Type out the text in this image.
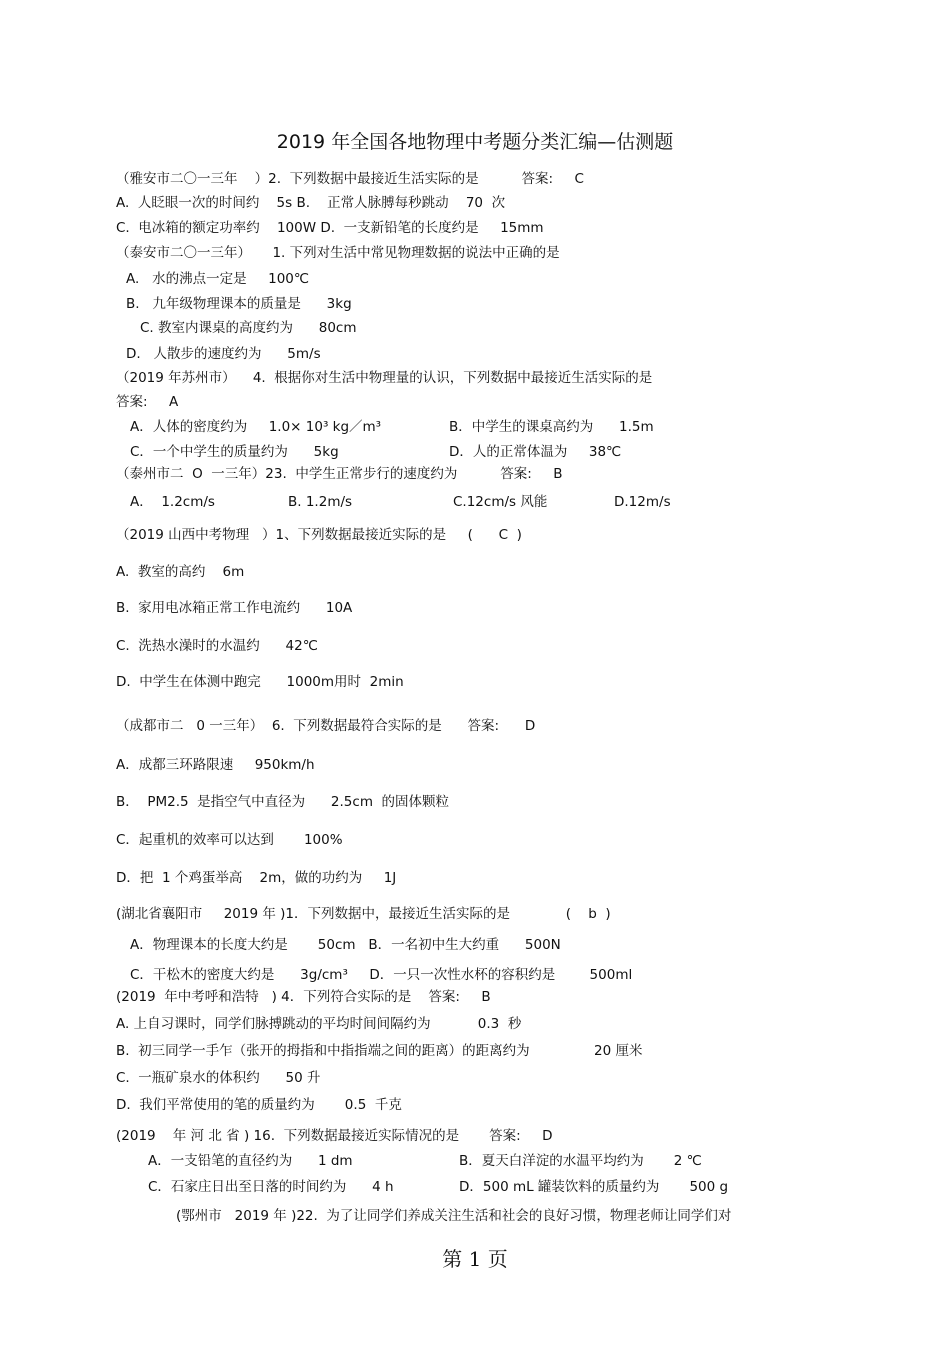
2019 年全国各地物理中考题分类汇编—估测题
（雅安市二〇一三年    ）2.  下列数据中最接近生活实际的是          答案:     C
A.  人眨眼一次的时间约    5s B.    正常人脉膊每秒跳动    70  次
C.  电冰箱的额定功率约    100W D.  一支新铅笔的长度约是     15mm
（泰安市二〇一三年）     1. 下列对生活中常见物理数据的说法中正确的是
A.   水的沸点一定是     100℃
B.   九年级物理课本的质量是      3kg
C. 教室内课桌的高度约为      80cm
D.   人散步的速度约为      5m/s
（2019 年苏州市）    4.  根据你对生活中物理量的认识，下列数据中最接近生活实际的是
答案:     A
A．人体的密度约为     1.0× 10³ kg／m³	B．中学生的课桌高约为      1.5m
C．一个中学生的质量约为      5kg	D．人的正常体温为     38℃
（泰州市二  O  一三年）23.  中学生正常步行的速度约为          答案:     B
A．  1.2cm/s	B. 1.2m/s	C.12cm/s 风能	D.12m/s
（2019 山西中考物理   ）1、下列数据最接近实际的是     (      C  )
A.  教室的高约    6m
B.  家用电冰箱正常工作电流约      10A
C.  洗热水澡时的水温约      42℃
D.  中学生在体测中跑完      1000m用时  2min
（成都市二   0 一三年）  6.  下列数据最符合实际的是      答案:      D
A．成都三环路限速     950km/h
B．  PM2.5  是指空气中直径为      2.5cm  的固体颗粒
C．起重机的效率可以达到       100%
D．把  1 个鸡蛋举高    2m，做的功约为     1J
(湖北省襄阳市     2019 年 )1．下列数据中，最接近生活实际的是             (    b  )
A．物理课本的长度大约是       50cm   B．一名初中生大约重      500N
C．干松木的密度大约是      3g/cm³     D．一只一次性水杯的容积约是        500ml
(2019  年中考呼和浩特   ) 4．下列符合实际的是    答案:     B
A. 上自习课时，同学们脉搏跳动的平均时间间隔约为           0.3  秒
B.  初三同学一手乍（张开的拇指和中指指端之间的距离）的距离约为               20 厘米
C.  一瓶矿泉水的体积约      50 升
D.  我们平常使用的笔的质量约为       0.5  千克
(2019    年 河 北 省 ) 16.  下列数据最接近实际情况的是       答案:     D
A．一支铅笔的直径约为      1 dm	B．夏天白洋淀的水温平均约为       2 ℃
C．石家庄日出至日落的时间约为      4 h	D．500 mL 罐装饮料的质量约为       500 g
(鄂州市   2019 年 )22.  为了让同学们养成关注生活和社会的良好习惯，物理老师让同学们对
第 1 页
